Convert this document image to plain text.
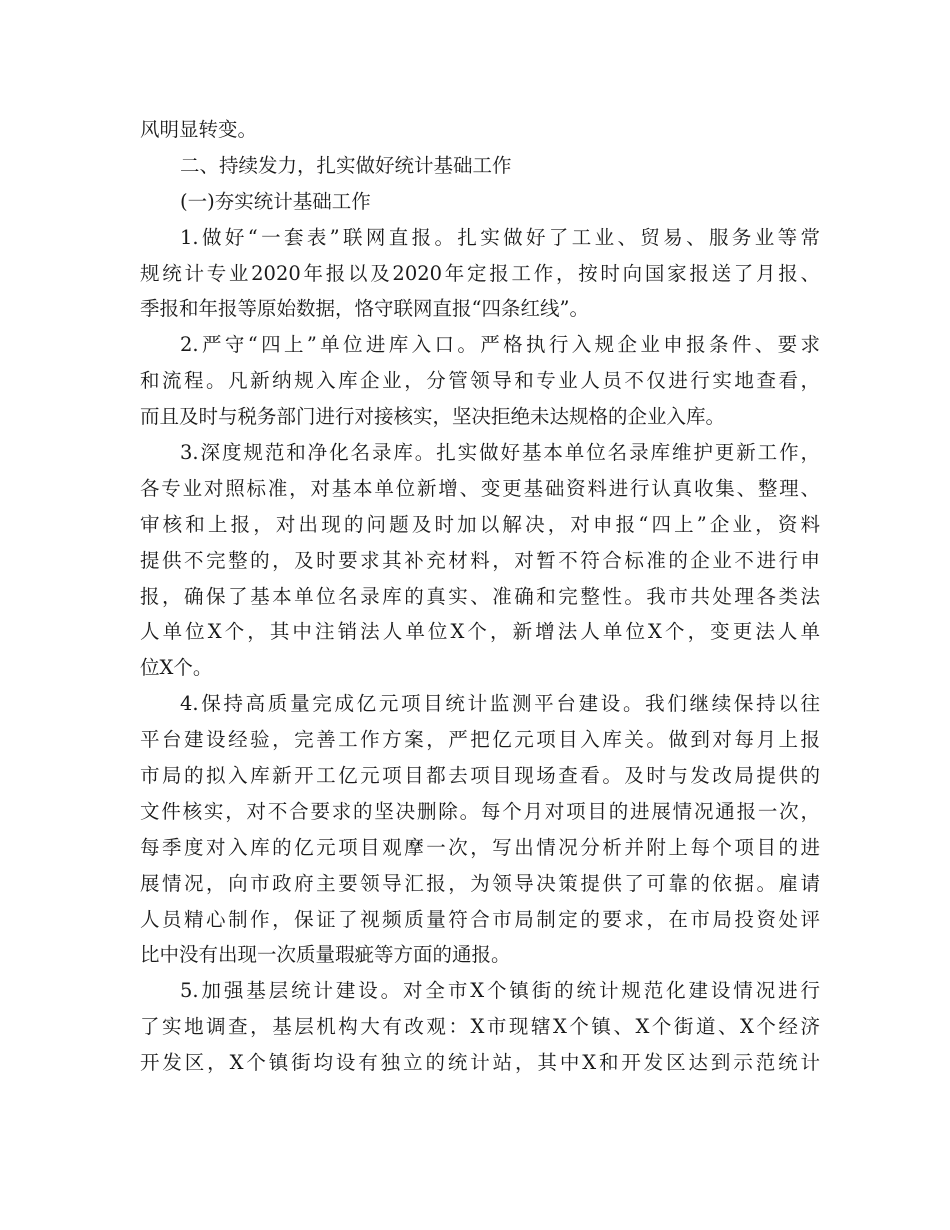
风明显转变。
二、持续发力，扎实做好统计基础工作
(一)夯实统计基础工作
1.做好“一套表”联网直报。扎实做好了工业、贸易、服务业等常
规统计专业2020年报以及2020年定报工作，按时向国家报送了月报、
季报和年报等原始数据，恪守联网直报“四条红线”。
2.严守“四上”单位进库入口。严格执行入规企业申报条件、要求
和流程。凡新纳规入库企业，分管领导和专业人员不仅进行实地查看，
而且及时与税务部门进行对接核实，坚决拒绝未达规格的企业入库。
3.深度规范和净化名录库。扎实做好基本单位名录库维护更新工作，
各专业对照标准，对基本单位新增、变更基础资料进行认真收集、整理、
审核和上报，对出现的问题及时加以解决，对申报“四上”企业，资料
提供不完整的，及时要求其补充材料，对暂不符合标准的企业不进行申
报，确保了基本单位名录库的真实、准确和完整性。我市共处理各类法
人单位X个，其中注销法人单位X个，新增法人单位X个，变更法人单
位X个。
4.保持高质量完成亿元项目统计监测平台建设。我们继续保持以往
平台建设经验，完善工作方案，严把亿元项目入库关。做到对每月上报
市局的拟入库新开工亿元项目都去项目现场查看。及时与发改局提供的
文件核实，对不合要求的坚决删除。每个月对项目的进展情况通报一次，
每季度对入库的亿元项目观摩一次，写出情况分析并附上每个项目的进
展情况，向市政府主要领导汇报，为领导决策提供了可靠的依据。雇请
人员精心制作，保证了视频质量符合市局制定的要求，在市局投资处评
比中没有出现一次质量瑕疵等方面的通报。
5.加强基层统计建设。对全市X个镇街的统计规范化建设情况进行
了实地调查，基层机构大有改观：X市现辖X个镇、X个街道、X个经济
开发区，X个镇街均设有独立的统计站，其中X和开发区达到示范统计
